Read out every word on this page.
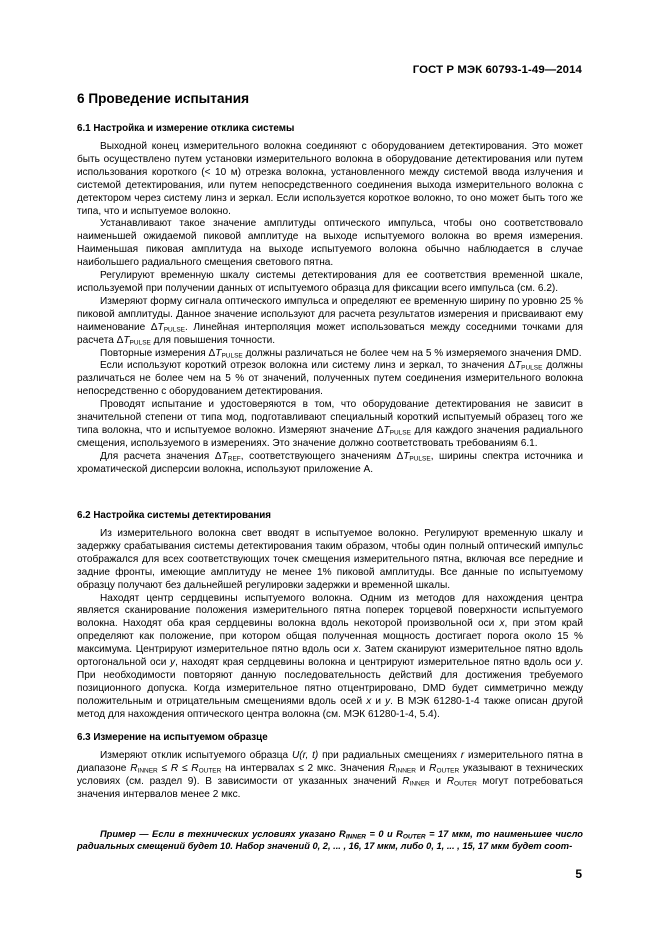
ГОСТ Р МЭК 60793-1-49—2014
6 Проведение испытания
6.1 Настройка и измерение отклика системы

Выходной конец измерительного волокна соединяют с оборудованием детектирования. Это может быть осуществлено путем установки измерительного волокна в оборудование детектирования или путем использования короткого (< 10 м) отрезка волокна, установленного между системой ввода излучения и системой детектирования, или путем непосредственного соединения выхода измерительного волокна с детектором через систему линз и зеркал. Если используется короткое волокно, то оно может быть того же типа, что и испытуемое волокно.

Устанавливают такое значение амплитуды оптического импульса, чтобы оно соответствовало наименьшей ожидаемой пиковой амплитуде на выходе испытуемого волокна во время измерения. Наименьшая пиковая амплитуда на выходе испытуемого волокна обычно наблюдается в случае наибольшего радиального смещения светового пятна.

Регулируют временную шкалу системы детектирования для ее соответствия временной шкале, используемой при получении данных от испытуемого образца для фиксации всего импульса (см. 6.2).

Измеряют форму сигнала оптического импульса и определяют ее временную ширину по уровню 25 % пиковой амплитуды. Данное значение используют для расчета результатов измерения и присваивают ему наименование $\Delta T_{PULSE}$. Линейная интерполяция может использоваться между соседними точками для расчета $\Delta T_{PULSE}$ для повышения точности.

Повторные измерения $\Delta T_{PULSE}$ должны различаться не более чем на 5 % измеряемого значения DMD.

Если используют короткий отрезок волокна или систему линз и зеркал, то значения $\Delta T_{PULSE}$ должны различаться не более чем на 5 % от значений, полученных путем соединения измерительного волокна непосредственно с оборудованием детектирования.

Проводят испытание и удостоверяются в том, что оборудование детектирования не зависит в значительной степени от типа мод, подготавливают специальный короткий испытуемый образец того же типа волокна, что и испытуемое волокно. Измеряют значение $\Delta T_{PULSE}$ для каждого значения радиального смещения, используемого в измерениях. Это значение должно соответствовать требованиям 6.1.

Для расчета значения $\Delta T_{REF}$, соответствующего значениям $\Delta T_{PULSE}$, ширины спектра источника и хроматической дисперсии волокна, используют приложение А.

6.2 Настройка системы детектирования

Из измерительного волокна свет вводят в испытуемое волокно. Регулируют временную шкалу и задержку срабатывания системы детектирования таким образом, чтобы один полный оптический импульс отображался для всех соответствующих точек смещения измерительного пятна, включая все передние и задние фронты, имеющие амплитуду не менее 1% пиковой амплитуды. Все данные по испытуемому образцу получают без дальнейшей регулировки задержки и временной шкалы.

Находят центр сердцевины испытуемого волокна. Одним из методов для нахождения центра является сканирование положения измерительного пятна поперек торцевой поверхности испытуемого волокна. Находят оба края сердцевины волокна вдоль некоторой произвольной оси x, при этом край определяют как положение, при котором общая полученная мощность достигает порога около 15 % максимума. Центрируют измерительное пятно вдоль оси x. Затем сканируют измерительное пятно вдоль ортогональной оси y, находят края сердцевины волокна и центрируют измерительное пятно вдоль оси y. При необходимости повторяют данную последовательность действий для достижения требуемого позиционного допуска. Когда измерительное пятно отцентрировано, DMD будет симметрично между положительным и отрицательным смещениями вдоль осей x и y. В МЭК 61280-1-4 также описан другой метод для нахождения оптического центра волокна (см. МЭК 61280-1-4, 5.4).

6.3 Измерение на испытуемом образце

Измеряют отклик испытуемого образца U(r, t) при радиальных смещениях r измерительного пятна в диапазоне $R_{INNER} \le R \le R_{OUTER}$ на интервалах ≤ 2 мкс. Значения $R_{INNER}$ и $R_{OUTER}$ указывают в технических условиях (см. раздел 9). В зависимости от указанных значений $R_{INNER}$ и $R_{OUTER}$ могут потребоваться значения интервалов менее 2 мкс.

Пример — Если в технических условиях указано $R_{INNER} = 0$ и $R_{OUTER} = 17$ мкм, то наименьшее число радиальных смещений будет 10. Набор значений 0, 2, ... , 16, 17 мкм, либо 0, 1, ... , 15, 17 мкм будет соот-
5
